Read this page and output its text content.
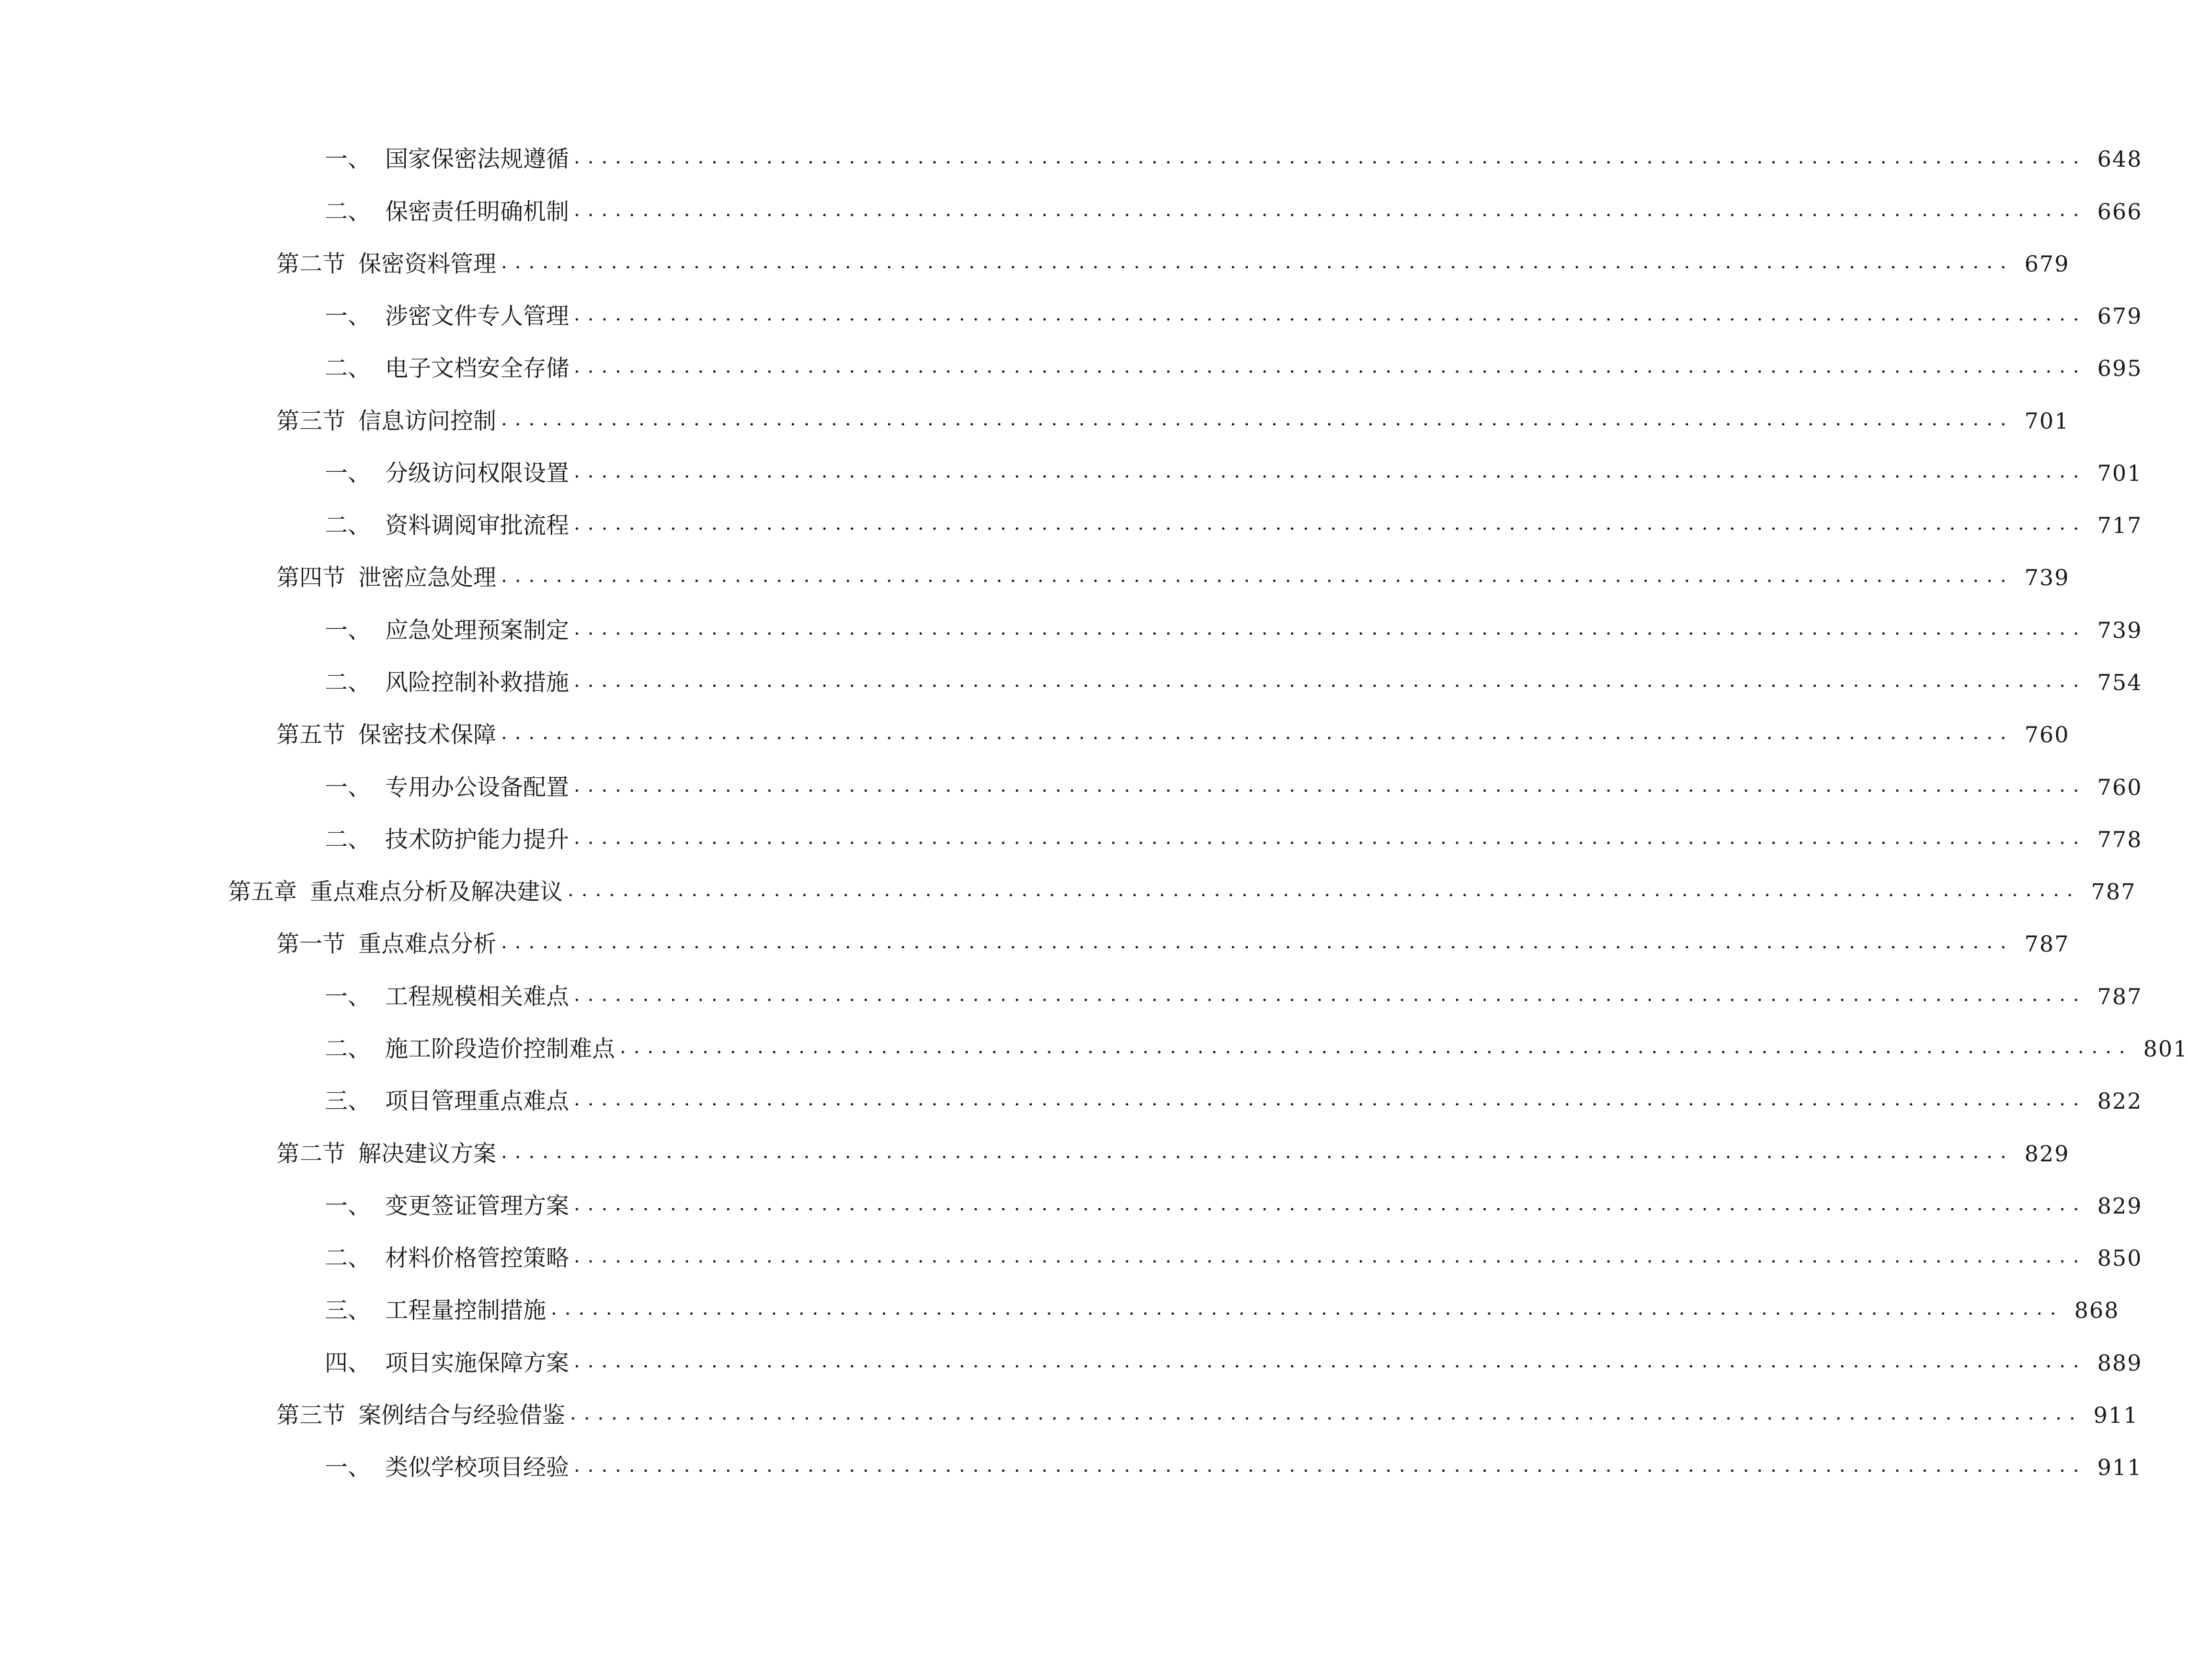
一、 国家保密法规遵循 .............................................................................................................. 648
二、 保密责任明确机制 .............................................................................................................. 666
第二节 保密资料管理 .............................................................................................................. 679
一、 涉密文件专人管理 .............................................................................................................. 679
二、 电子文档安全存储 .............................................................................................................. 695
第三节 信息访问控制 .............................................................................................................. 701
一、 分级访问权限设置 .............................................................................................................. 701
二、 资料调阅审批流程 .............................................................................................................. 717
第四节 泄密应急处理 .............................................................................................................. 739
一、 应急处理预案制定 .............................................................................................................. 739
二、 风险控制补救措施 .............................................................................................................. 754
第五节 保密技术保障 .............................................................................................................. 760
一、 专用办公设备配置 .............................................................................................................. 760
二、 技术防护能力提升 .............................................................................................................. 778
第五章 重点难点分析及解决建议 .............................................................................................................. 787
第一节 重点难点分析 .............................................................................................................. 787
一、 工程规模相关难点 .............................................................................................................. 787
二、 施工阶段造价控制难点 .............................................................................................................. 801
三、 项目管理重点难点 .............................................................................................................. 822
第二节 解决建议方案 .............................................................................................................. 829
一、 变更签证管理方案 .............................................................................................................. 829
二、 材料价格管控策略 .............................................................................................................. 850
三、 工程量控制措施 .............................................................................................................. 868
四、 项目实施保障方案 .............................................................................................................. 889
第三节 案例结合与经验借鉴 .............................................................................................................. 911
一、 类似学校项目经验 .............................................................................................................. 911
